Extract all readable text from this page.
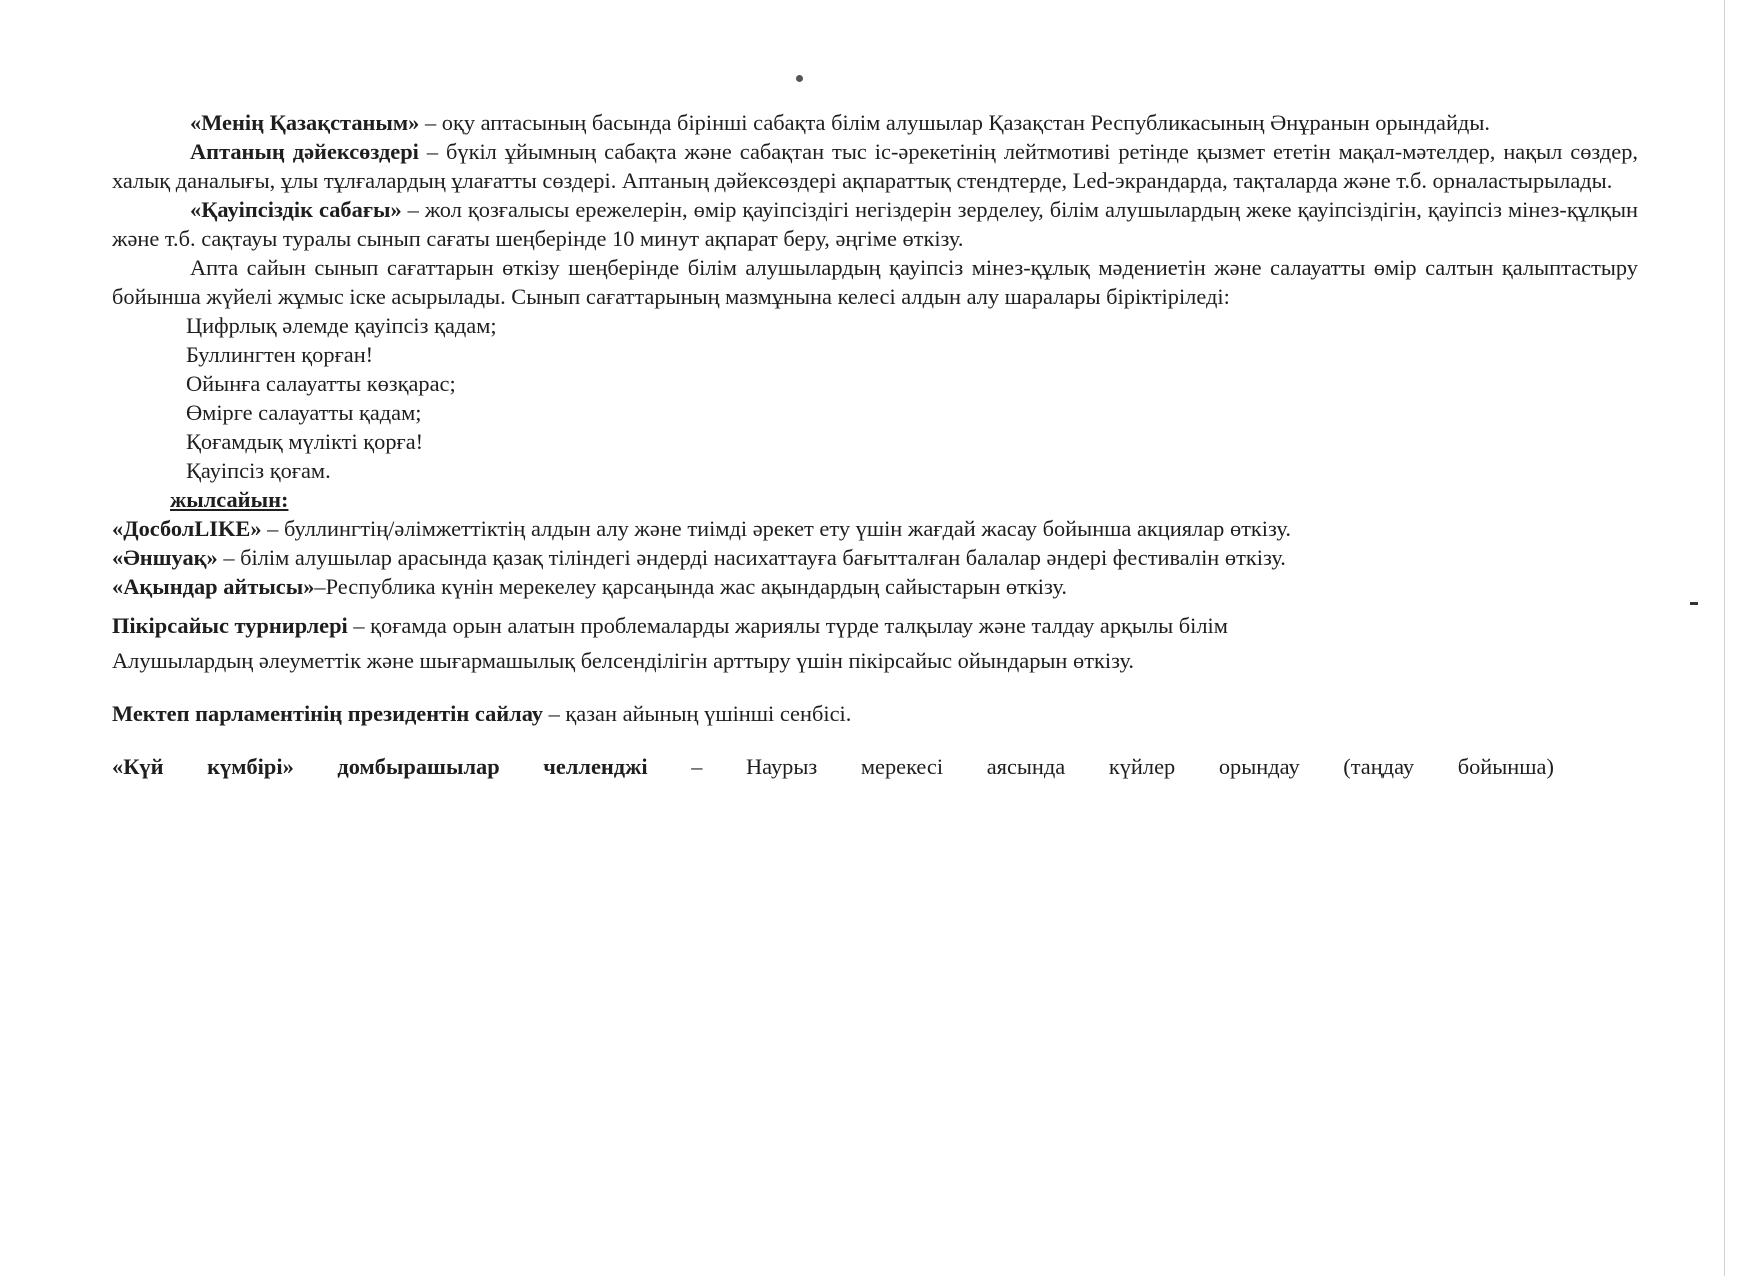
«Менің Қазақстаным» – оқу аптасының басында бірінші сабақта білім алушылар Қазақстан Республикасының Әнұранын орындайды.

Аптаның дәйексөздері – бүкіл ұйымның сабақта және сабақтан тыс іс-әрекетінің лейтмотиві ретінде қызмет ететін мақал-мәтелдер, нақыл сөздер, халық даналығы, ұлы тұлғалардың ұлағатты сөздері. Аптаның дәйексөздері ақпараттық стендтерде, Led-экрандарда, тақталарда және т.б. орналастырылады.

«Қауіпсіздік сабағы» – жол қозғалысы ережелерін, өмір қауіпсіздігі негіздерін зерделеу, білім алушылардың жеке қауіпсіздігін, қауіпсіз мінез-құлқын және т.б. сақтауы туралы сынып сағаты шеңберінде 10 минут ақпарат беру, әңгіме өткізу.

Апта сайын сынып сағаттарын өткізу шеңберінде білім алушылардың қауіпсіз мінез-құлық мәдениетін және салауатты өмір салтын қалыптастыру бойынша жүйелі жұмыс іске асырылады. Сынып сағаттарының мазмұнына келесі алдын алу шаралары біріктіріледі:

Цифрлық әлемде қауіпсіз қадам;

Буллингтен қорған!

Ойынға салауатты көзқарас;

Өмірге салауатты қадам;

Қоғамдық мүлікті қорға!

Қауіпсіз қоғам.

жылсайын:

«ДосболLIKE» – буллингтің/әлімжеттіктің алдын алу және тиімді әрекет ету үшін жағдай жасау бойынша акциялар өткізу.

«Әншуақ» – білім алушылар арасында қазақ тіліндегі әндерді насихаттауға бағытталған балалар әндері фестивалін өткізу.

«Ақындар айтысы»–Республика күнін мерекелеу қарсаңында жас ақындардың сайыстарын өткізу.

Пікірсайыс турнирлері – қоғамда орын алатын проблемаларды жариялы түрде талқылау және талдау арқылы білім

Алушылардың әлеуметтік және шығармашылық белсенділігін арттыру үшін пікірсайыс ойындарын өткізу.

Мектеп парламентінің президентін сайлау – қазан айының үшінші сенбісі.

«Күй күмбірі» домбырашылар челленджі – Наурыз мерекесі аясында күйлер орындау (таңдау бойынша)
